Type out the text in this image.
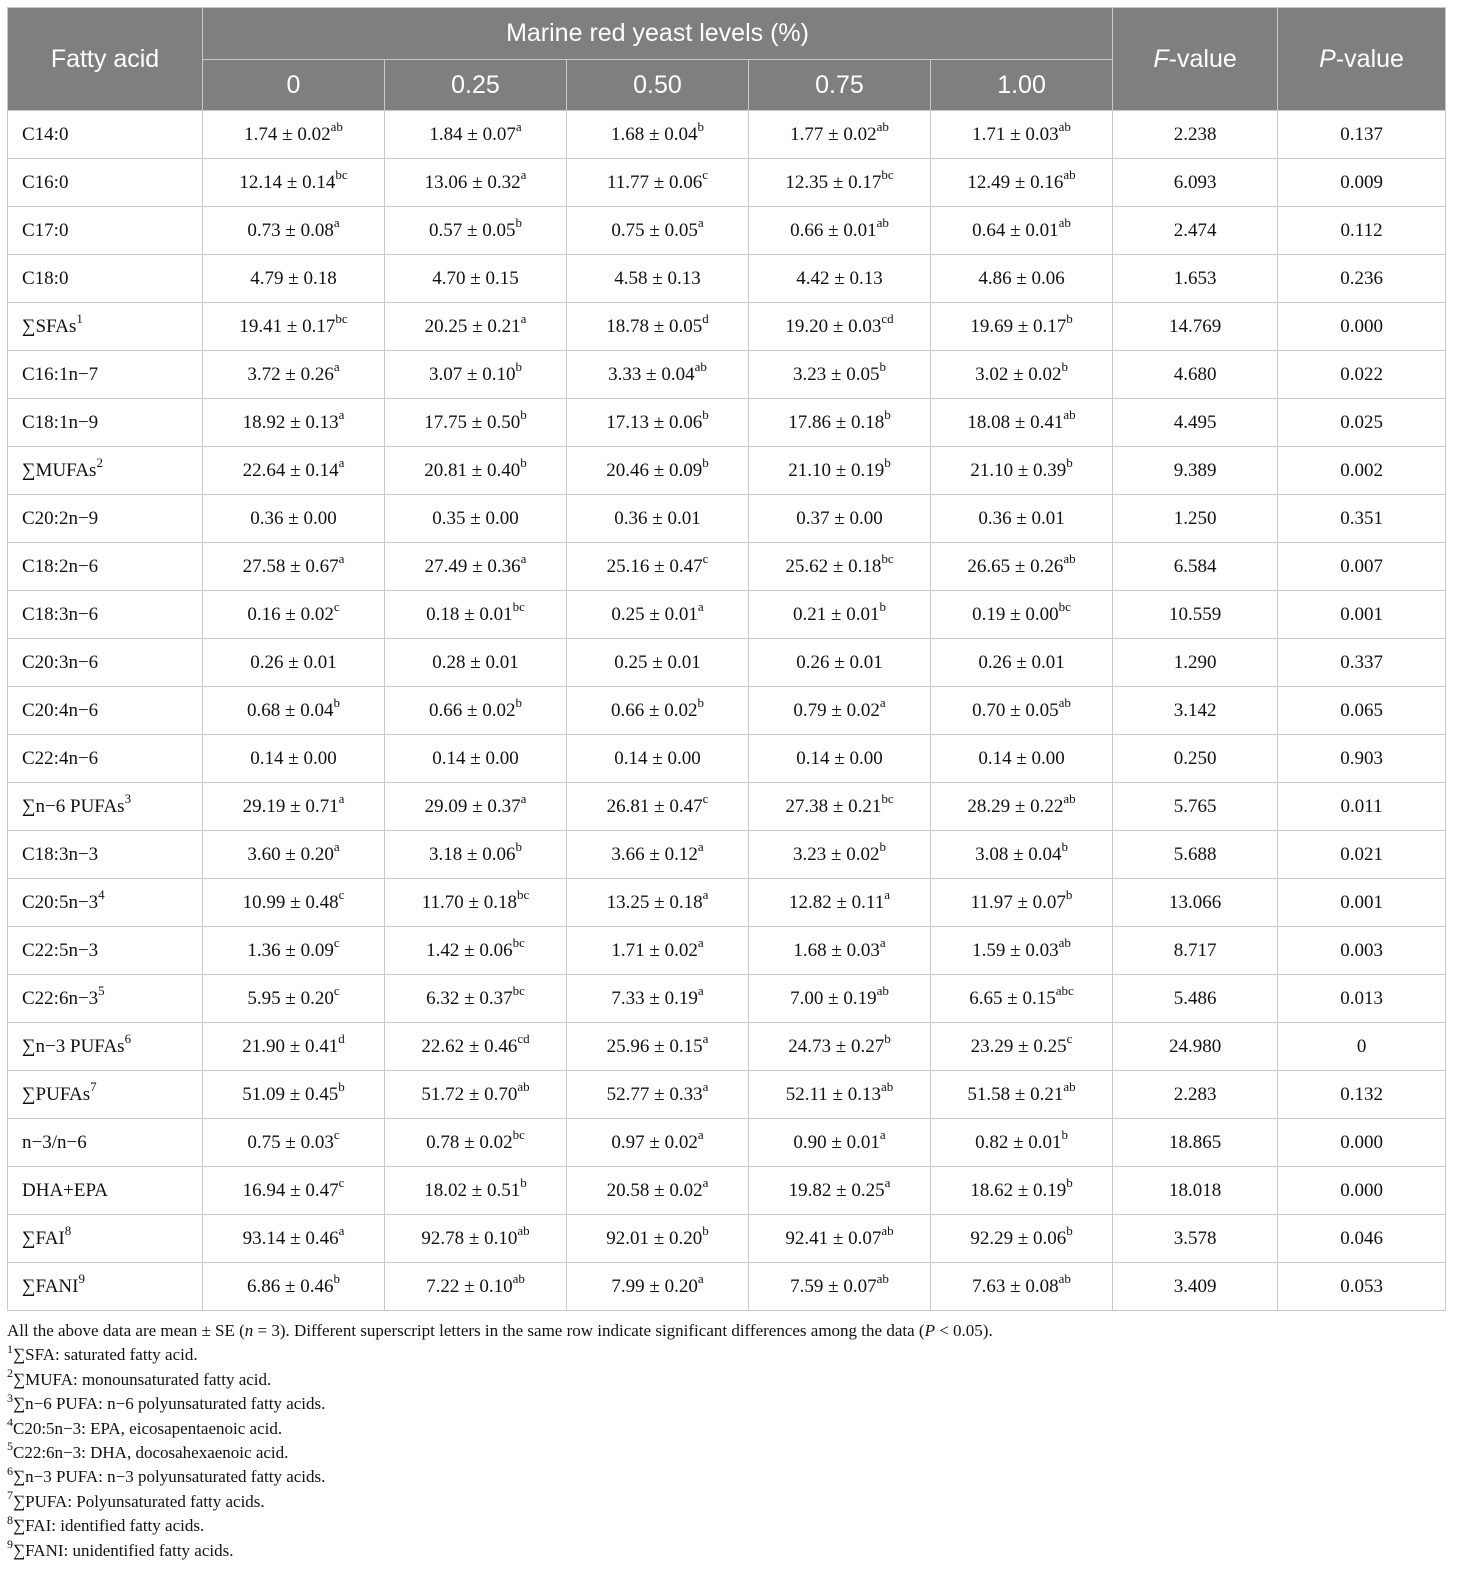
Fatty acid	Marine red yeast levels (%)					F-value	P-value
	0	0.25	0.50	0.75	1.00		
C14:0	1.74 ± 0.02$^{ab}$	1.84 ± 0.07$^a$	1.68 ± 0.04$^b$	1.77 ± 0.02$^{ab}$	1.71 ± 0.03$^{ab}$	2.238	0.137
C16:0	12.14 ± 0.14$^{bc}$	13.06 ± 0.32$^a$	11.77 ± 0.06$^c$	12.35 ± 0.17$^{bc}$	12.49 ± 0.16$^{ab}$	6.093	0.009
C17:0	0.73 ± 0.08$^a$	0.57 ± 0.05$^b$	0.75 ± 0.05$^a$	0.66 ± 0.01$^{ab}$	0.64 ± 0.01$^{ab}$	2.474	0.112
C18:0	4.79 ± 0.18	4.70 ± 0.15	4.58 ± 0.13	4.42 ± 0.13	4.86 ± 0.06	1.653	0.236
∑SFAs$^1$	19.41 ± 0.17$^{bc}$	20.25 ± 0.21$^a$	18.78 ± 0.05$^d$	19.20 ± 0.03$^{cd}$	19.69 ± 0.17$^b$	14.769	0.000
C16:1n−7	3.72 ± 0.26$^a$	3.07 ± 0.10$^b$	3.33 ± 0.04$^{ab}$	3.23 ± 0.05$^b$	3.02 ± 0.02$^b$	4.680	0.022
C18:1n−9	18.92 ± 0.13$^a$	17.75 ± 0.50$^b$	17.13 ± 0.06$^b$	17.86 ± 0.18$^b$	18.08 ± 0.41$^{ab}$	4.495	0.025
∑MUFAs$^2$	22.64 ± 0.14$^a$	20.81 ± 0.40$^b$	20.46 ± 0.09$^b$	21.10 ± 0.19$^b$	21.10 ± 0.39$^b$	9.389	0.002
C20:2n−9	0.36 ± 0.00	0.35 ± 0.00	0.36 ± 0.01	0.37 ± 0.00	0.36 ± 0.01	1.250	0.351
C18:2n−6	27.58 ± 0.67$^a$	27.49 ± 0.36$^a$	25.16 ± 0.47$^c$	25.62 ± 0.18$^{bc}$	26.65 ± 0.26$^{ab}$	6.584	0.007
C18:3n−6	0.16 ± 0.02$^c$	0.18 ± 0.01$^{bc}$	0.25 ± 0.01$^a$	0.21 ± 0.01$^b$	0.19 ± 0.00$^{bc}$	10.559	0.001
C20:3n−6	0.26 ± 0.01	0.28 ± 0.01	0.25 ± 0.01	0.26 ± 0.01	0.26 ± 0.01	1.290	0.337
C20:4n−6	0.68 ± 0.04$^b$	0.66 ± 0.02$^b$	0.66 ± 0.02$^b$	0.79 ± 0.02$^a$	0.70 ± 0.05$^{ab}$	3.142	0.065
C22:4n−6	0.14 ± 0.00	0.14 ± 0.00	0.14 ± 0.00	0.14 ± 0.00	0.14 ± 0.00	0.250	0.903
∑n−6 PUFAs$^3$	29.19 ± 0.71$^a$	29.09 ± 0.37$^a$	26.81 ± 0.47$^c$	27.38 ± 0.21$^{bc}$	28.29 ± 0.22$^{ab}$	5.765	0.011
C18:3n−3	3.60 ± 0.20$^a$	3.18 ± 0.06$^b$	3.66 ± 0.12$^a$	3.23 ± 0.02$^b$	3.08 ± 0.04$^b$	5.688	0.021
$C20:5n-3^4$	10.99 ± 0.48$^c$	11.70 ± 0.18$^{bc}$	13.25 ± 0.18$^a$	12.82 ± 0.11$^a$	11.97 ± 0.07$^b$	13.066	0.001
C22:5n−3	1.36 ± 0.09$^c$	1.42 ± 0.06$^{bc}$	1.71 ± 0.02$^a$	1.68 ± 0.03$^a$	1.59 ± 0.03$^{ab}$	8.717	0.003
$C22:6n-3^5$	5.95 ± 0.20$^c$	6.32 ± 0.37$^{bc}$	7.33 ± 0.19$^a$	7.00 ± 0.19$^{ab}$	6.65 ± 0.15$^{abc}$	5.486	0.013
∑n−3 PUFAs$^6$	21.90 ± 0.41$^d$	22.62 ± 0.46$^{cd}$	25.96 ± 0.15$^a$	24.73 ± 0.27$^b$	23.29 ± 0.25$^c$	24.980	0
∑PUFAs$^7$	51.09 ± 0.45$^b$	51.72 ± 0.70$^{ab}$	52.77 ± 0.33$^a$	52.11 ± 0.13$^{ab}$	51.58 ± 0.21$^{ab}$	2.283	0.132
n−3/n−6	0.75 ± 0.03$^c$	0.78 ± 0.02$^{bc}$	0.97 ± 0.02$^a$	0.90 ± 0.01$^a$	0.82 ± 0.01$^b$	18.865	0.000
DHA+EPA	16.94 ± 0.47$^c$	18.02 ± 0.51$^b$	20.58 ± 0.02$^a$	19.82 ± 0.25$^a$	18.62 ± 0.19$^b$	18.018	0.000
∑FAI$^8$	93.14 ± 0.46$^a$	92.78 ± 0.10$^{ab}$	92.01 ± 0.20$^b$	92.41 ± 0.07$^{ab}$	92.29 ± 0.06$^b$	3.578	0.046
∑FANI$^9$	6.86 ± 0.46$^b$	7.22 ± 0.10$^{ab}$	7.99 ± 0.20$^a$	7.59 ± 0.07$^{ab}$	7.63 ± 0.08$^{ab}$	3.409	0.053
All the above data are mean ± SE (n = 3). Different superscript letters in the same row indicate significant differences among the data (P < 0.05).
$^1$∑SFA: saturated fatty acid.
$^2$∑MUFA: monounsaturated fatty acid.
$^3$∑n−6 PUFA: n−6 polyunsaturated fatty acids.
$^4$C20:5n−3: EPA, eicosapentaenoic acid.
$^5$C22:6n−3: DHA, docosahexaenoic acid.
$^6$∑n−3 PUFA: n−3 polyunsaturated fatty acids.
$^7$∑PUFA: Polyunsaturated fatty acids.
$^8$∑FAI: identified fatty acids.
$^9$∑FANI: unidentified fatty acids.
